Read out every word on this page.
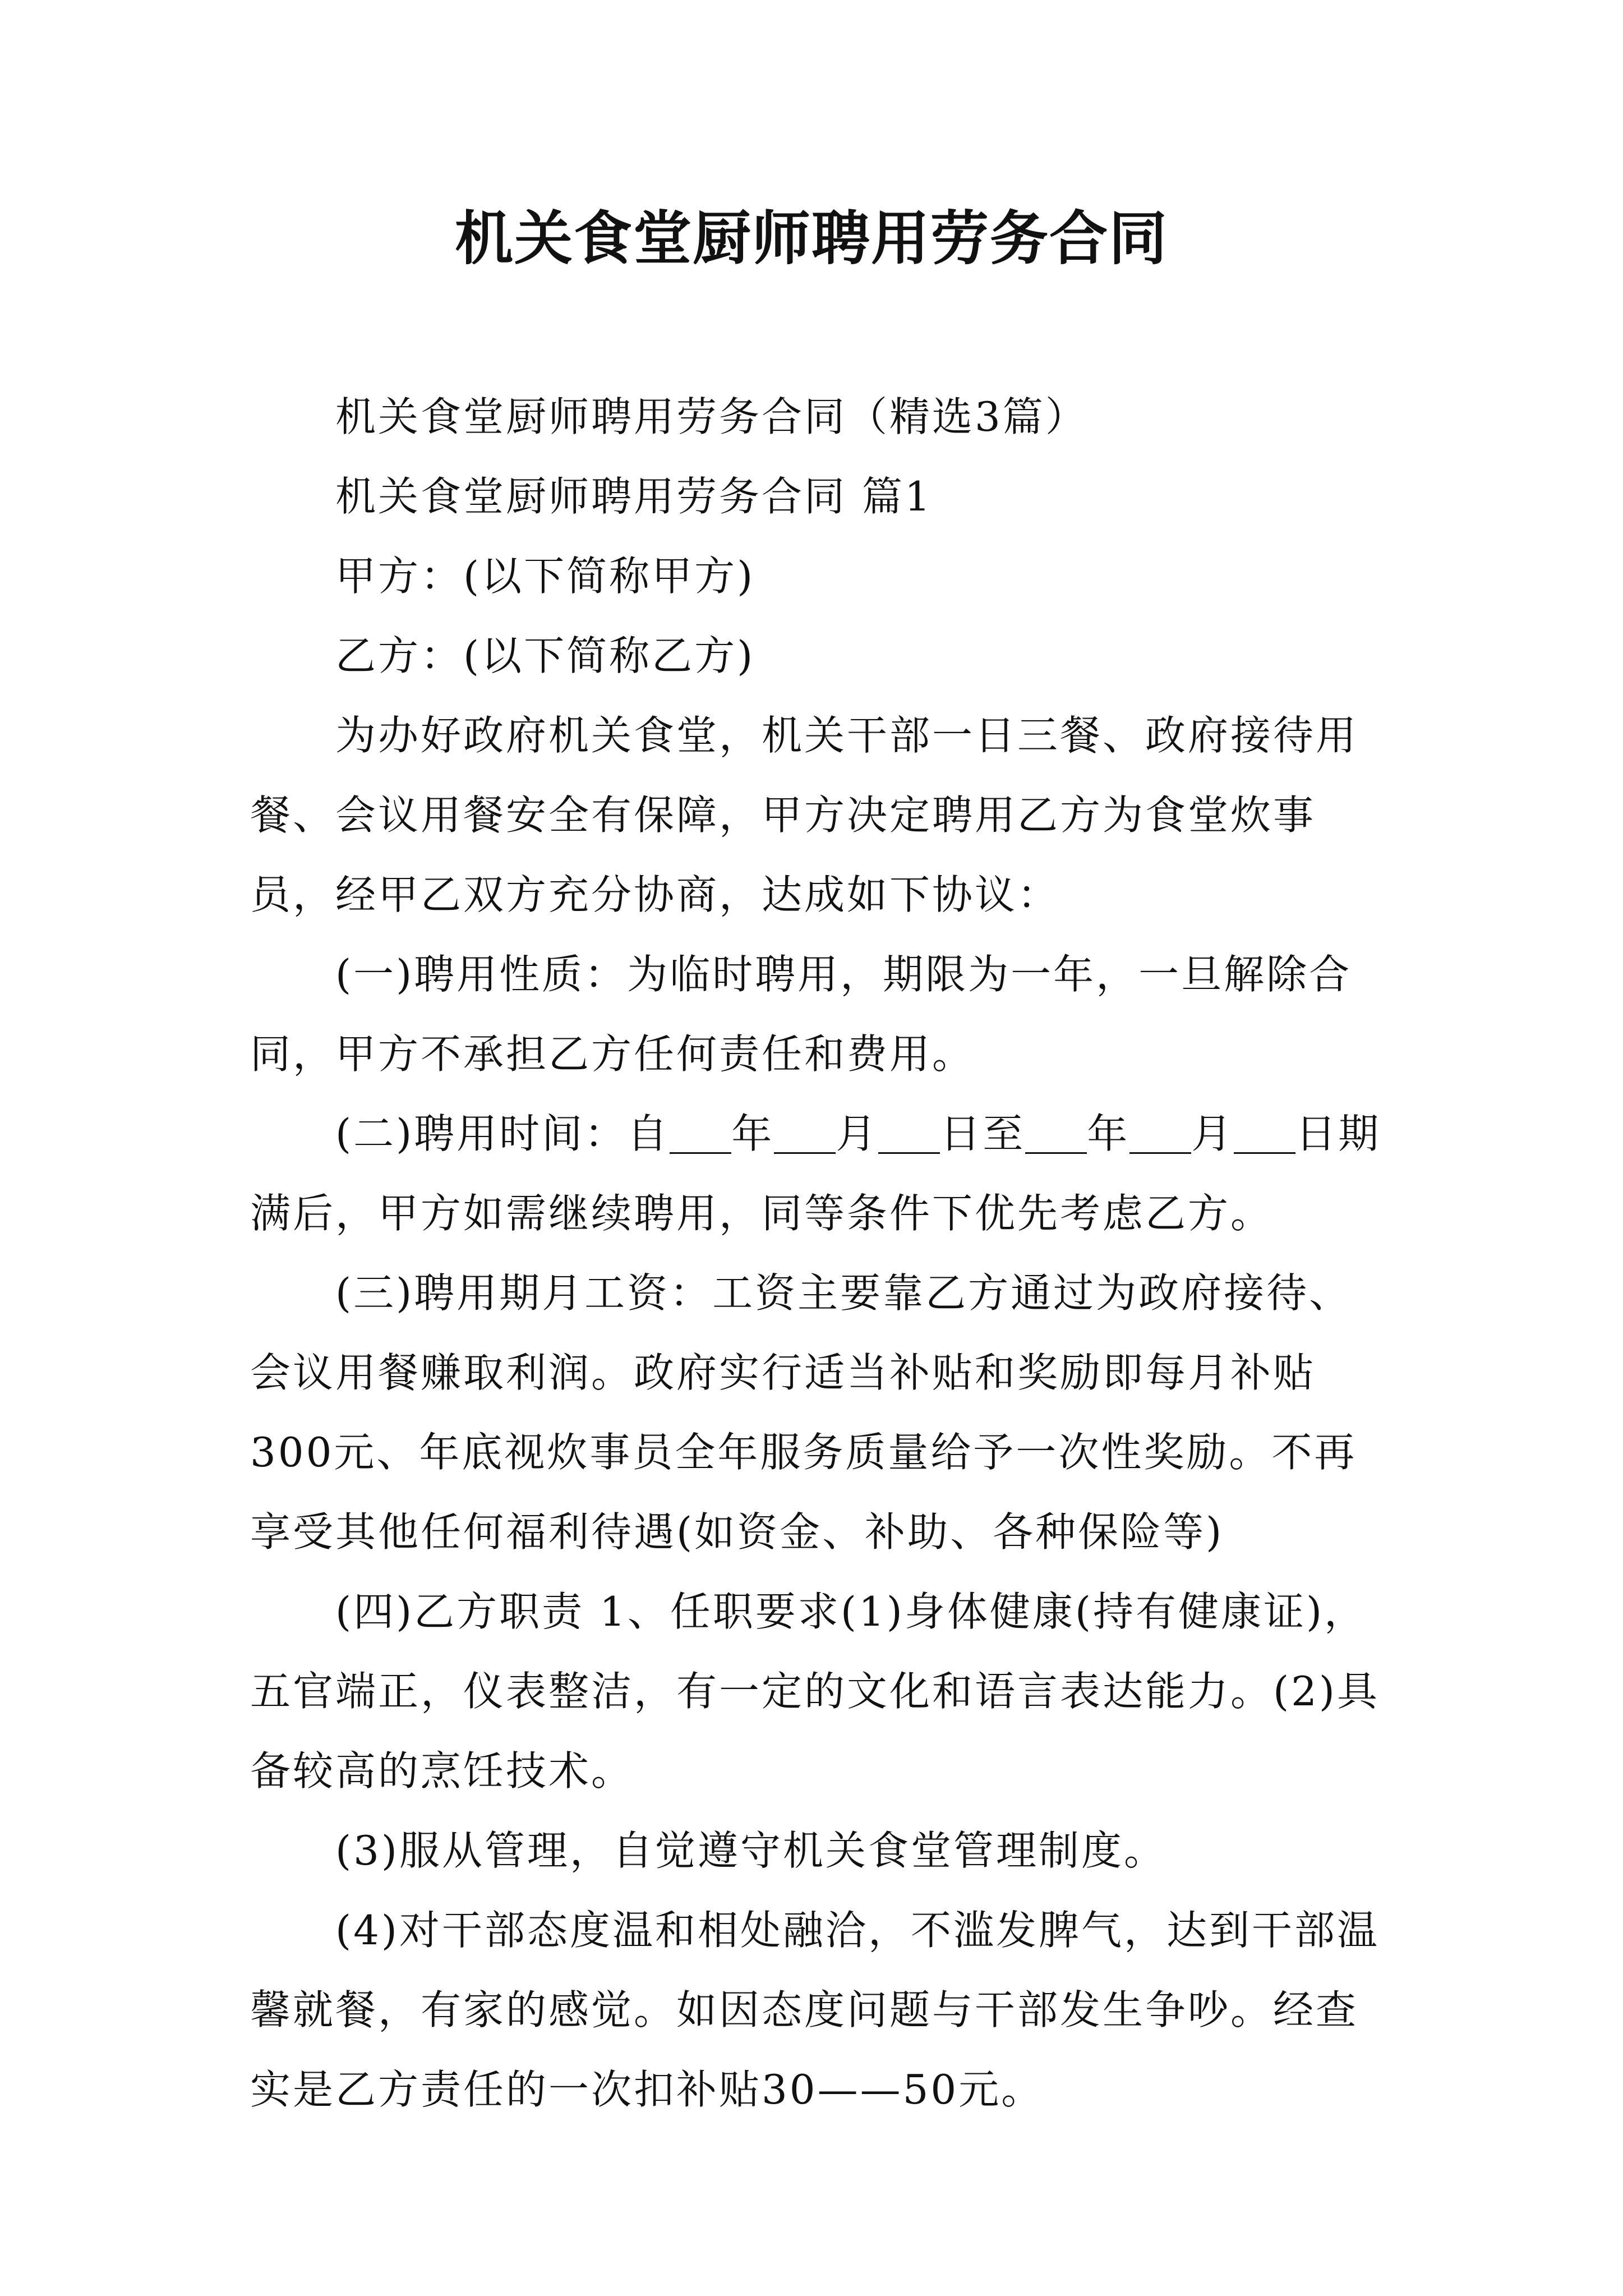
机关食堂厨师聘用劳务合同

机关食堂厨师聘用劳务合同（精选3篇）

机关食堂厨师聘用劳务合同 篇1

甲方：(以下简称甲方)

乙方：(以下简称乙方)

为办好政府机关食堂，机关干部一日三餐、政府接待用餐、会议用餐安全有保障，甲方决定聘用乙方为食堂炊事员，经甲乙双方充分协商，达成如下协议：

(一)聘用性质：为临时聘用，期限为一年，一旦解除合同，甲方不承担乙方任何责任和费用。

(二)聘用时间：自 年 月 日至 年 月 日期满后，甲方如需继续聘用，同等条件下优先考虑乙方。

(三)聘用期月工资：工资主要靠乙方通过为政府接待、会议用餐赚取利润。政府实行适当补贴和奖励即每月补贴300元、年底视炊事员全年服务质量给予一次性奖励。不再享受其他任何福利待遇(如资金、补助、各种保险等)

(四)乙方职责 1、任职要求(1)身体健康(持有健康证)，五官端正，仪表整洁，有一定的文化和语言表达能力。(2)具备较高的烹饪技术。

(3)服从管理，自觉遵守机关食堂管理制度。

(4)对干部态度温和相处融洽，不滥发脾气，达到干部温馨就餐，有家的感觉。如因态度问题与干部发生争吵。经查实是乙方责任的一次扣补贴30——50元。
